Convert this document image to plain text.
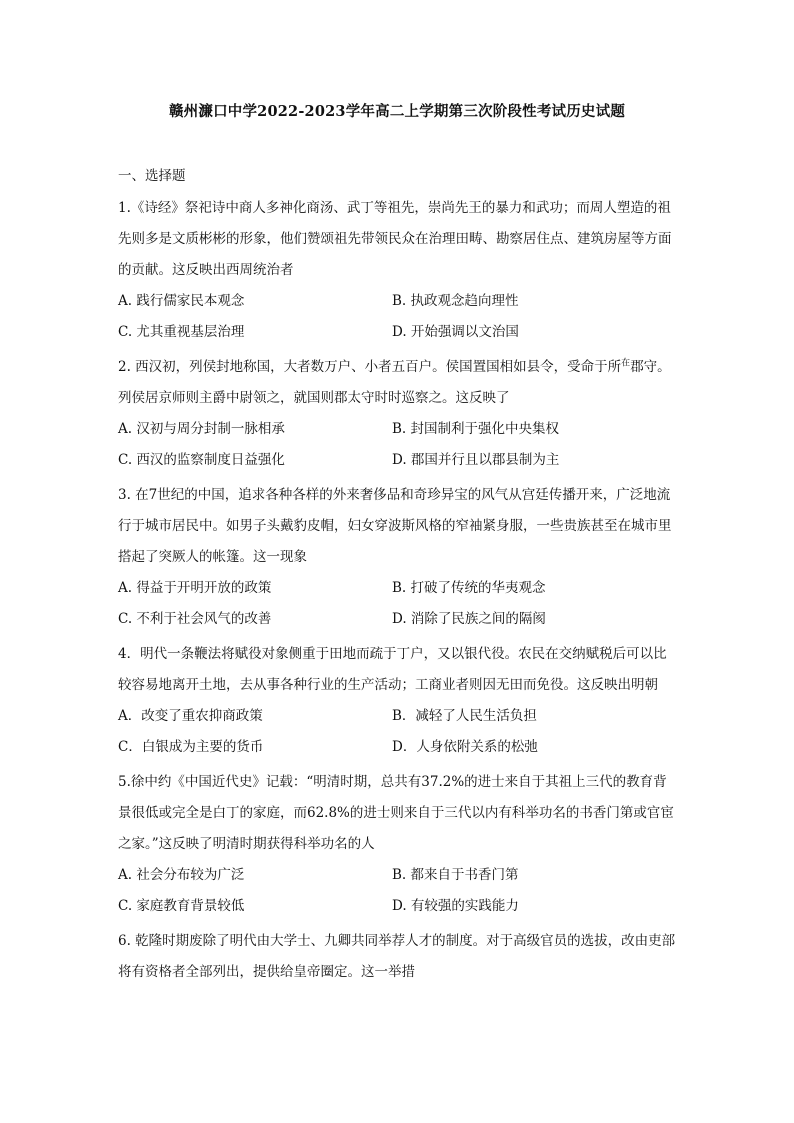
赣州濂口中学2022-2023学年高二上学期第三次阶段性考试历史试题
一、选择题

1.《诗经》祭祀诗中商人多神化商汤、武丁等祖先，崇尚先王的暴力和武功；而周人塑造的祖先则多是文质彬彬的形象，他们赞颂祖先带领民众在治理田畴、勘察居住点、建筑房屋等方面的贡献。这反映出西周统治者

A. 践行儒家民本观念	B. 执政观念趋向理性
C. 尤其重视基层治理	D. 开始强调以文治国

2. 西汉初，列侯封地称国，大者数万户、小者五百户。侯国置国相如县令，受命于所$^在$郡守。列侯居京师则主爵中尉领之，就国则郡太守时时巡察之。这反映了

A. 汉初与周分封制一脉相承	B. 封国制利于强化中央集权
C. 西汉的监察制度日益强化	D. 郡国并行且以郡县制为主

3. 在7世纪的中国，追求各种各样的外来奢侈品和奇珍异宝的风气从宫廷传播开来，广泛地流行于城市居民中。如男子头戴豹皮帽，妇女穿波斯风格的窄袖紧身服，一些贵族甚至在城市里搭起了突厥人的帐篷。这一现象

A. 得益于开明开放的政策	B. 打破了传统的华夷观念
C. 不利于社会风气的改善	D. 消除了民族之间的隔阂

4．明代一条鞭法将赋役对象侧重于田地而疏于丁户，又以银代役。农民在交纳赋税后可以比较容易地离开土地，去从事各种行业的生产活动；工商业者则因无田而免役。这反映出明朝

A．改变了重农抑商政策	B．减轻了人民生活负担
C．白银成为主要的货币	D．人身依附关系的松弛

5.徐中约《中国近代史》记载：“明清时期，总共有37.2%的进士来自于其祖上三代的教育背景很低或完全是白丁的家庭，而62.8%的进士则来自于三代以内有科举功名的书香门第或官宦之家。”这反映了明清时期获得科举功名的人

A. 社会分布较为广泛	B. 都来自于书香门第
C. 家庭教育背景较低	D. 有较强的实践能力

6. 乾隆时期废除了明代由大学士、九卿共同举荐人才的制度。对于高级官员的选拔，改由吏部将有资格者全部列出，提供给皇帝圈定。这一举措
